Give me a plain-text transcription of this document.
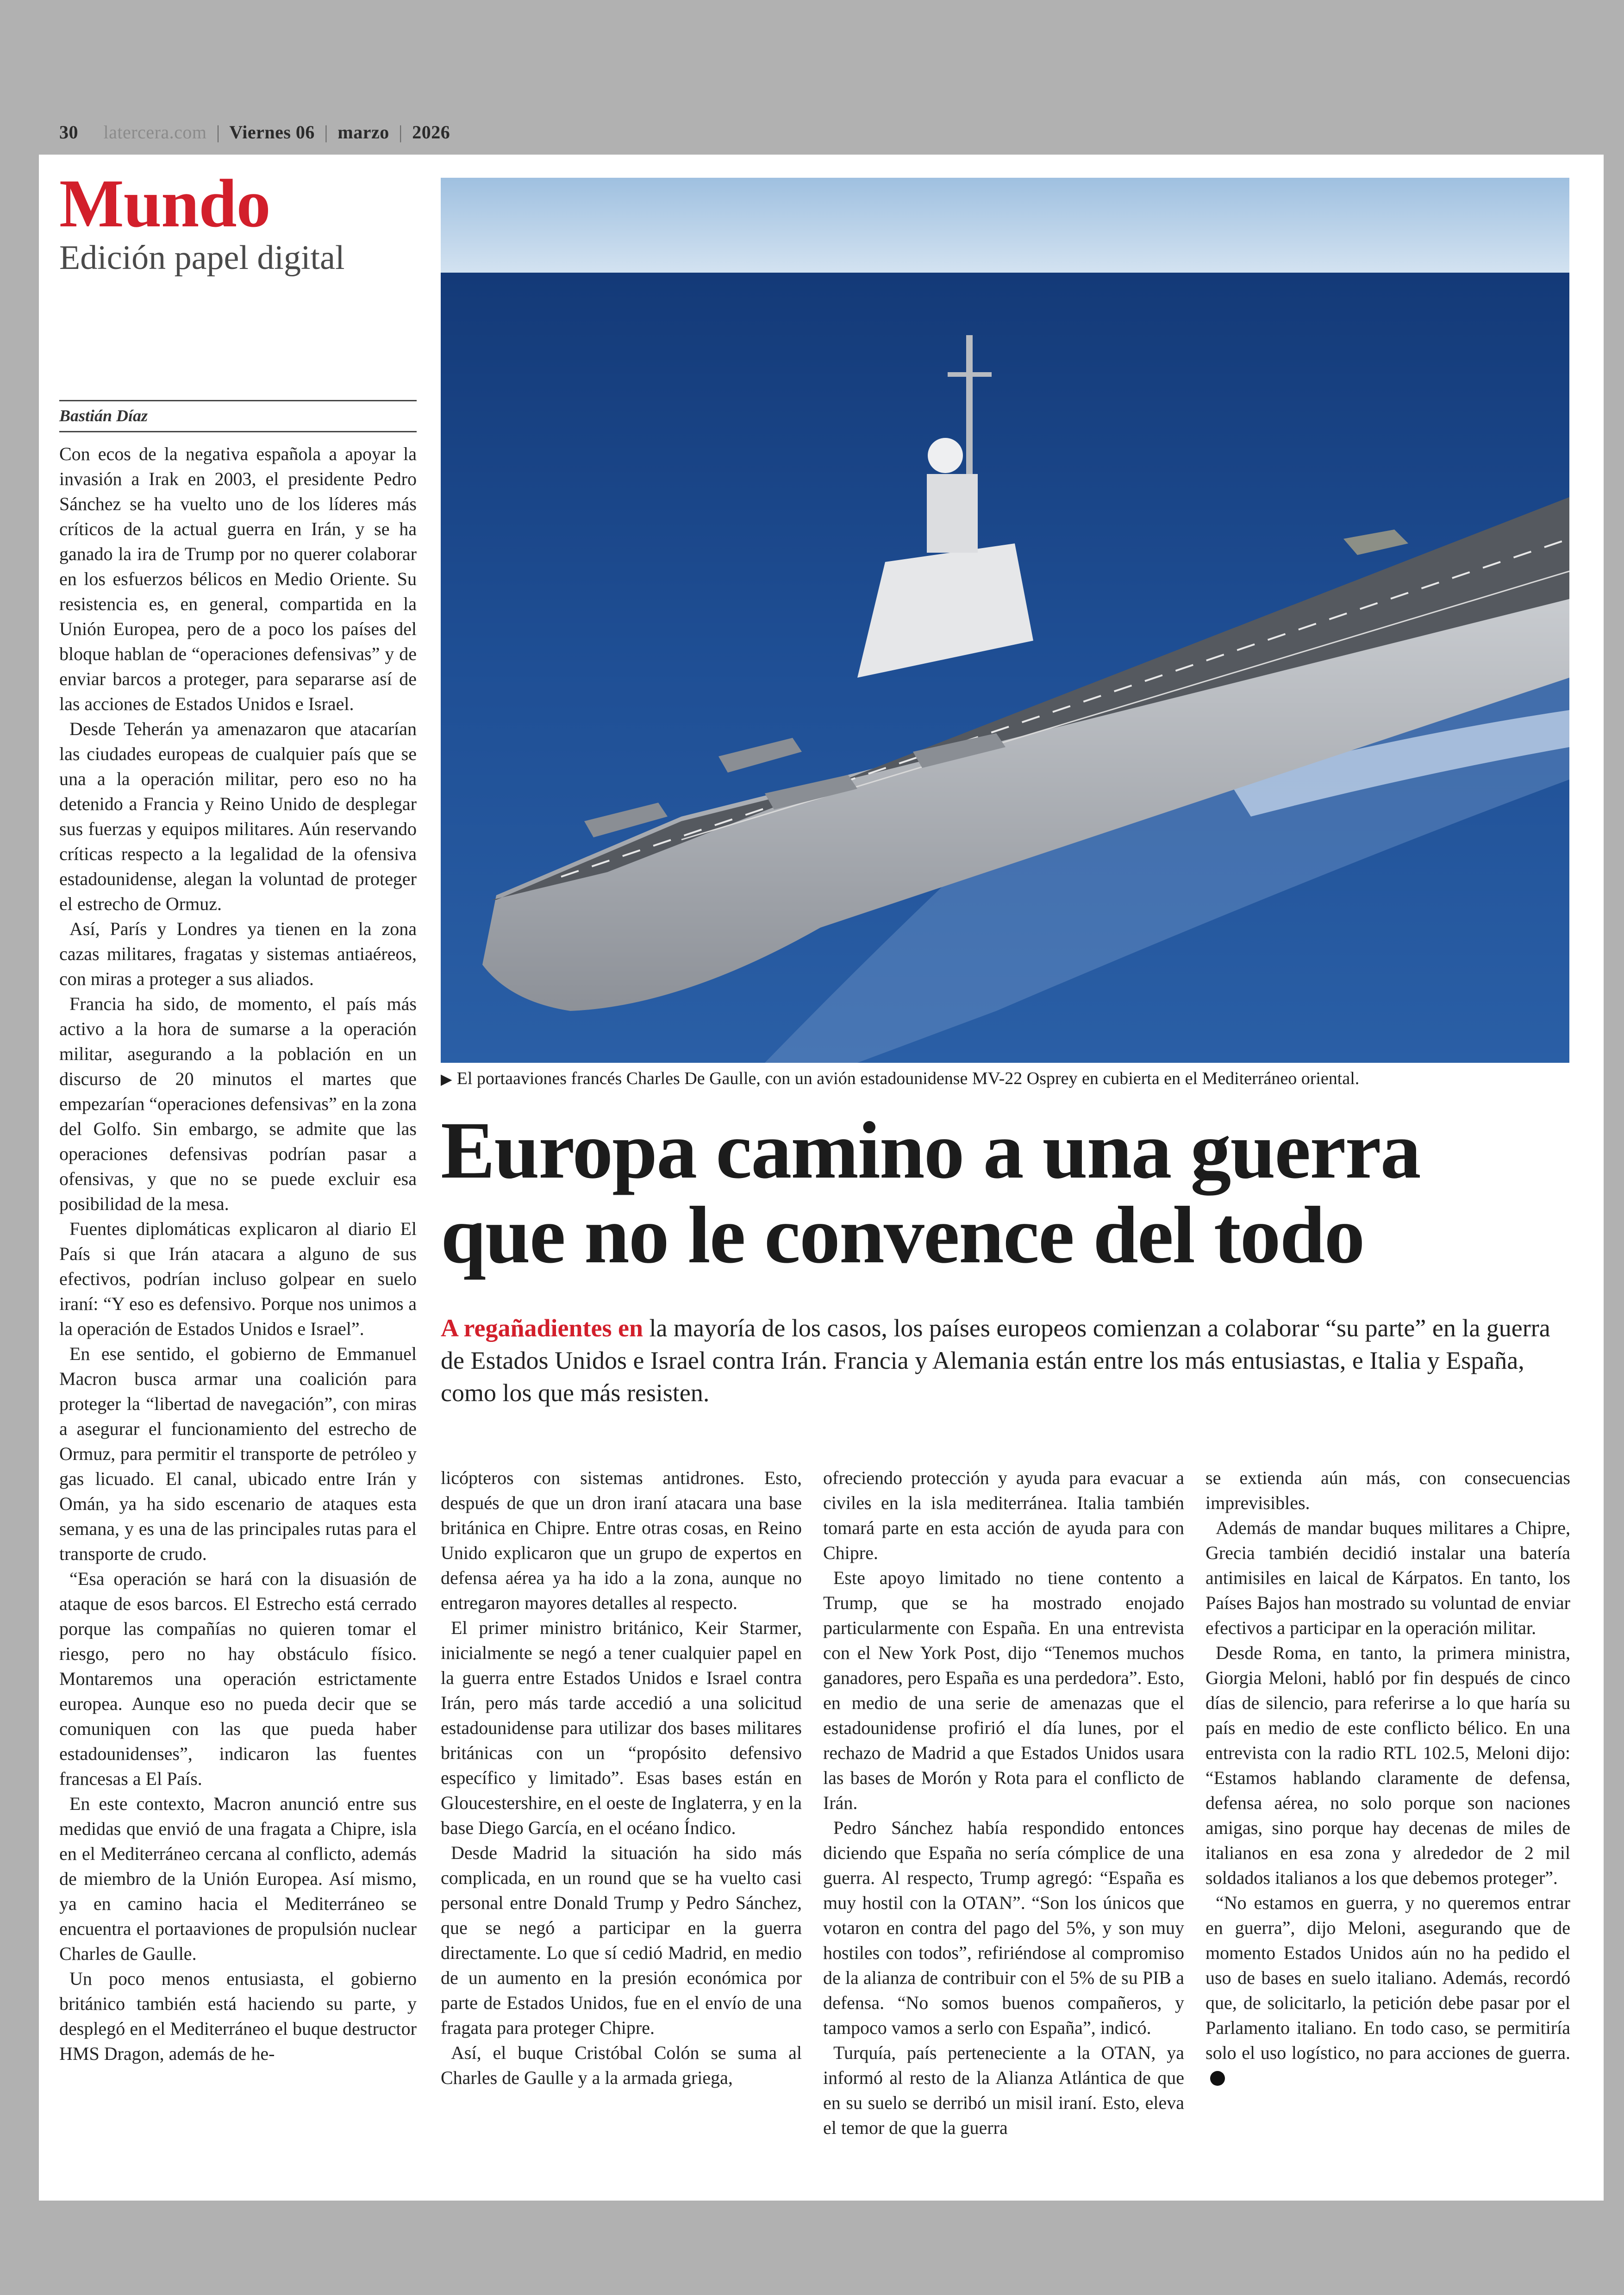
30 latercera.com | Viernes 06 | marzo | 2026
Mundo
Edición papel digital
Bastián Díaz
▶ El portaaviones francés Charles De Gaulle, con un avión estadounidense MV-22 Osprey en cubierta en el Mediterráneo oriental.
Europa camino a una guerra
que no le convence del todo
A regañadientes en la mayoría de los casos, los países europeos comienzan a colaborar “su parte” en la guerra de Estados Unidos e Israel contra Irán. Francia y Alemania están entre los más entusiastas, e Italia y España, como los que más resisten.

Con ecos de la negativa española a apoyar la invasión a Irak en 2003, el presidente Pedro Sánchez se ha vuelto uno de los líderes más críticos de la actual guerra en Irán, y se ha ganado la ira de Trump por no querer colaborar en los esfuerzos bélicos en Medio Oriente. Su resistencia es, en general, compartida en la Unión Europea, pero de a poco los países del bloque hablan de “operaciones defensivas” y de enviar barcos a proteger, para separarse así de las acciones de Estados Unidos e Israel.

Desde Teherán ya amenazaron que atacarían las ciudades europeas de cualquier país que se una a la operación militar, pero eso no ha detenido a Francia y Reino Unido de desplegar sus fuerzas y equipos militares. Aún reservando críticas respecto a la legalidad de la ofensiva estadounidense, alegan la voluntad de proteger el estrecho de Ormuz.

Así, París y Londres ya tienen en la zona cazas militares, fragatas y sistemas antiaéreos, con miras a proteger a sus aliados.

Francia ha sido, de momento, el país más activo a la hora de sumarse a la operación militar, asegurando a la población en un discurso de 20 minutos el martes que empezarían “operaciones defensivas” en la zona del Golfo. Sin embargo, se admite que las operaciones defensivas podrían pasar a ofensivas, y que no se puede excluir esa posibilidad de la mesa.

Fuentes diplomáticas explicaron al diario El País si que Irán atacara a alguno de sus efectivos, podrían incluso golpear en suelo iraní: “Y eso es defensivo. Porque nos unimos a la operación de Estados Unidos e Israel”.

En ese sentido, el gobierno de Emmanuel Macron busca armar una coalición para proteger la “libertad de navegación”, con miras a asegurar el funcionamiento del estrecho de Ormuz, para permitir el transporte de petróleo y gas licuado. El canal, ubicado entre Irán y Omán, ya ha sido escenario de ataques esta semana, y es una de las principales rutas para el transporte de crudo.

“Esa operación se hará con la disuasión de ataque de esos barcos. El Estrecho está cerrado porque las compañías no quieren tomar el riesgo, pero no hay obstáculo físico. Montaremos una operación estrictamente europea. Aunque eso no pueda decir que se comuniquen con las que pueda haber estadounidenses”, indicaron las fuentes francesas a El País.

En este contexto, Macron anunció entre sus medidas que envió de una fragata a Chipre, isla en el Mediterráneo cercana al conflicto, además de miembro de la Unión Europea. Así mismo, ya en camino hacia el Mediterráneo se encuentra el portaaviones de propulsión nuclear Charles de Gaulle.

Un poco menos entusiasta, el gobierno británico también está haciendo su parte, y desplegó en el Mediterráneo el buque destructor HMS Dragon, además de he-

licópteros con sistemas antidrones. Esto, después de que un dron iraní atacara una base británica en Chipre. Entre otras cosas, en Reino Unido explicaron que un grupo de expertos en defensa aérea ya ha ido a la zona, aunque no entregaron mayores detalles al respecto.

El primer ministro británico, Keir Starmer, inicialmente se negó a tener cualquier papel en la guerra entre Estados Unidos e Israel contra Irán, pero más tarde accedió a una solicitud estadounidense para utilizar dos bases militares británicas con un “propósito defensivo específico y limitado”. Esas bases están en Gloucestershire, en el oeste de Inglaterra, y en la base Diego García, en el océano Índico.

Desde Madrid la situación ha sido más complicada, en un round que se ha vuelto casi personal entre Donald Trump y Pedro Sánchez, que se negó a participar en la guerra directamente. Lo que sí cedió Madrid, en medio de un aumento en la presión económica por parte de Estados Unidos, fue en el envío de una fragata para proteger Chipre.

Así, el buque Cristóbal Colón se suma al Charles de Gaulle y a la armada griega,

ofreciendo protección y ayuda para evacuar a civiles en la isla mediterránea. Italia también tomará parte en esta acción de ayuda para con Chipre.

Este apoyo limitado no tiene contento a Trump, que se ha mostrado enojado particularmente con España. En una entrevista con el New York Post, dijo “Tenemos muchos ganadores, pero España es una perdedora”. Esto, en medio de una serie de amenazas que el estadounidense profirió el día lunes, por el rechazo de Madrid a que Estados Unidos usara las bases de Morón y Rota para el conflicto de Irán.

Pedro Sánchez había respondido entonces diciendo que España no sería cómplice de una guerra. Al respecto, Trump agregó: “España es muy hostil con la OTAN”. “Son los únicos que votaron en contra del pago del 5%, y son muy hostiles con todos”, refiriéndose al compromiso de la alianza de contribuir con el 5% de su PIB a defensa. “No somos buenos compañeros, y tampoco vamos a serlo con España”, indicó.

Turquía, país perteneciente a la OTAN, ya informó al resto de la Alianza Atlántica de que en su suelo se derribó un misil iraní. Esto, eleva el temor de que la guerra

se extienda aún más, con consecuencias imprevisibles.

Además de mandar buques militares a Chipre, Grecia también decidió instalar una batería antimisiles en laical de Kárpatos. En tanto, los Países Bajos han mostrado su voluntad de enviar efectivos a participar en la operación militar.

Desde Roma, en tanto, la primera ministra, Giorgia Meloni, habló por fin después de cinco días de silencio, para referirse a lo que haría su país en medio de este conflicto bélico. En una entrevista con la radio RTL 102.5, Meloni dijo: “Estamos hablando claramente de defensa, defensa aérea, no solo porque son naciones amigas, sino porque hay decenas de miles de italianos en esa zona y alrededor de 2 mil soldados italianos a los que debemos proteger”.

“No estamos en guerra, y no queremos entrar en guerra”, dijo Meloni, asegurando que de momento Estados Unidos aún no ha pedido el uso de bases en suelo italiano. Además, recordó que, de solicitarlo, la petición debe pasar por el Parlamento italiano. En todo caso, se permitiría solo el uso logístico, no para acciones de guerra.
